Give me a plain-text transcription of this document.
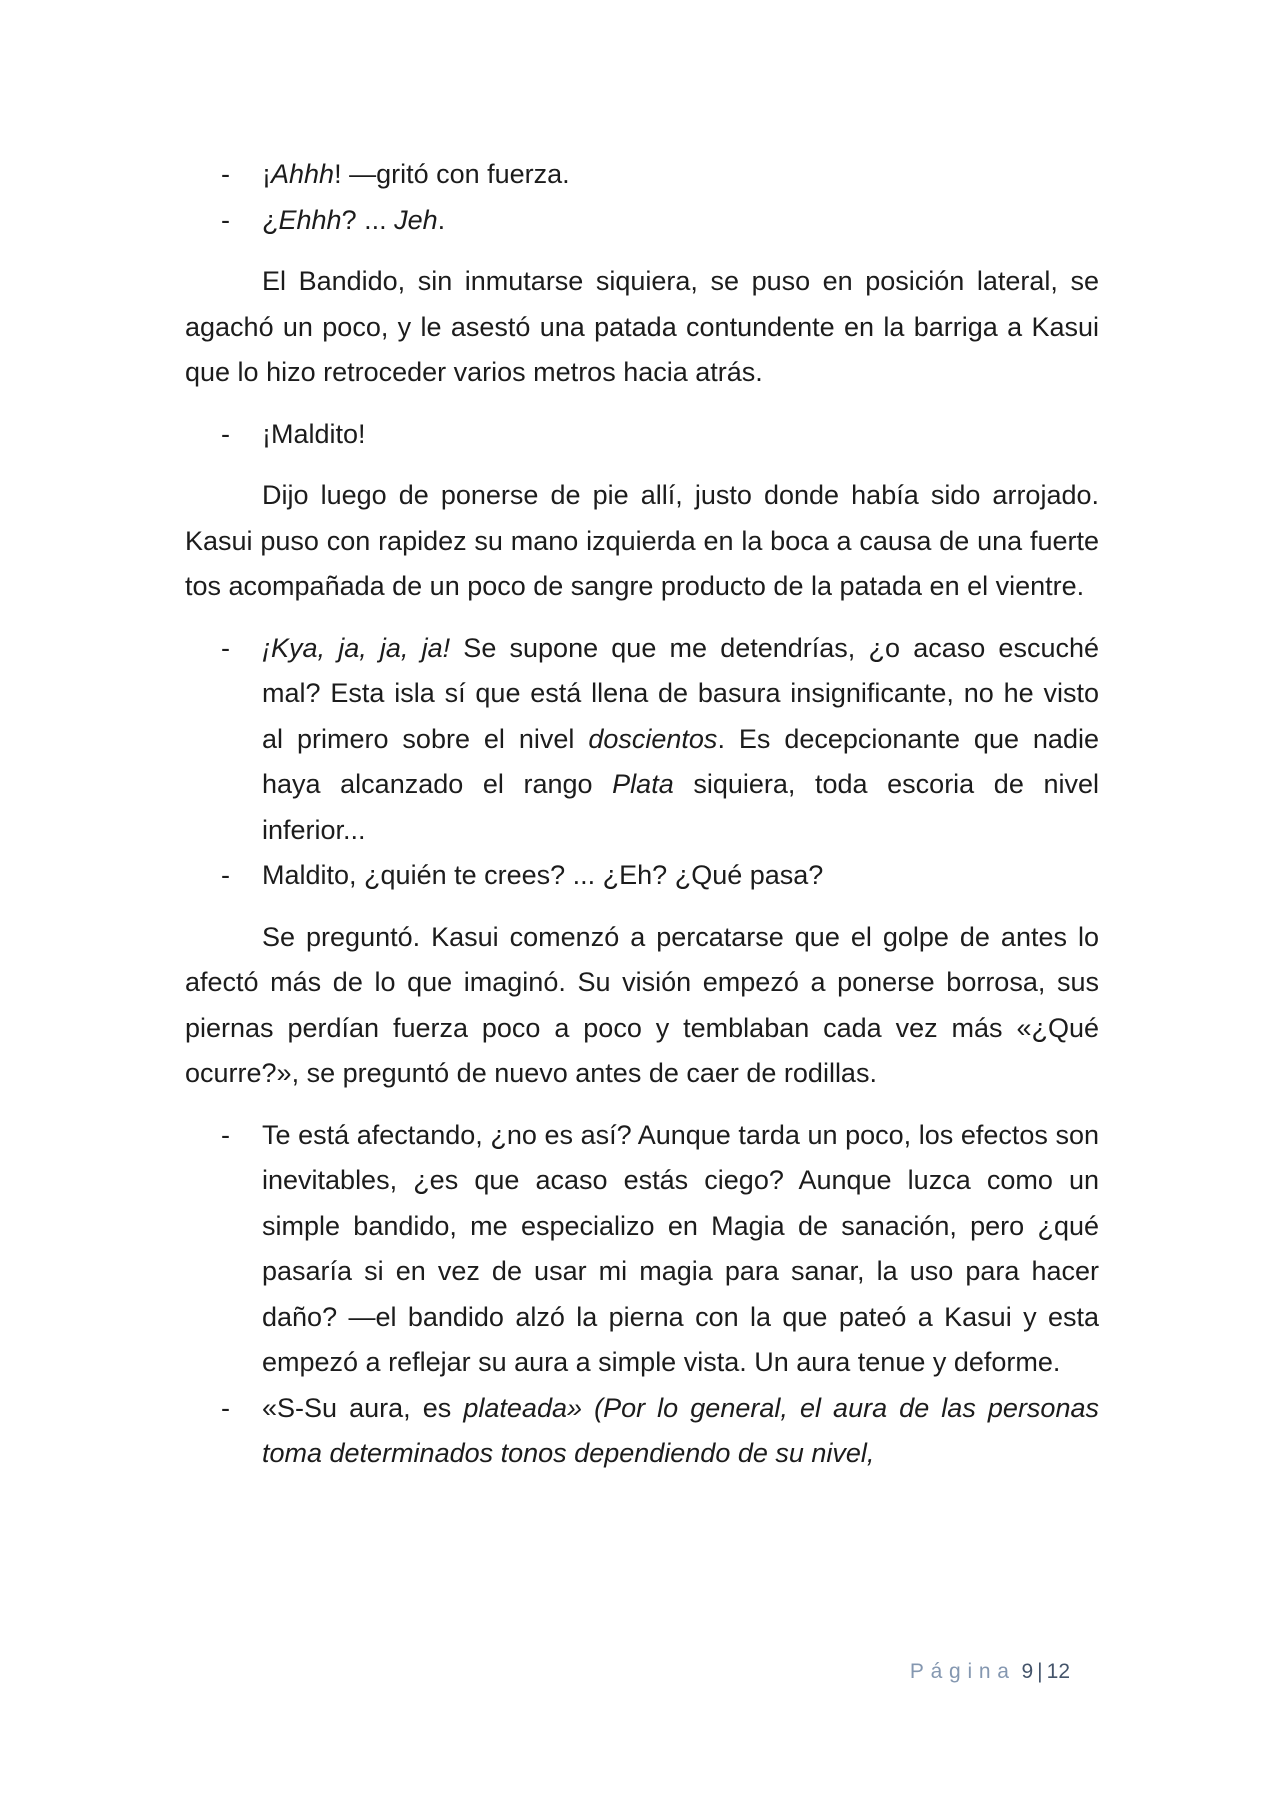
- ¡Ahhh! —gritó con fuerza.

- ¿Ehhh? ... Jeh.

El Bandido, sin inmutarse siquiera, se puso en posición lateral, se agachó un poco, y le asestó una patada contundente en la barriga a Kasui que lo hizo retroceder varios metros hacia atrás.

- ¡Maldito!

Dijo luego de ponerse de pie allí, justo donde había sido arrojado. Kasui puso con rapidez su mano izquierda en la boca a causa de una fuerte tos acompañada de un poco de sangre producto de la patada en el vientre.

- ¡Kya, ja, ja, ja! Se supone que me detendrías, ¿o acaso escuché mal? Esta isla sí que está llena de basura insignificante, no he visto al primero sobre el nivel doscientos. Es decepcionante que nadie haya alcanzado el rango Plata siquiera, toda escoria de nivel inferior...

- Maldito, ¿quién te crees? ... ¿Eh? ¿Qué pasa?

Se preguntó. Kasui comenzó a percatarse que el golpe de antes lo afectó más de lo que imaginó. Su visión empezó a ponerse borrosa, sus piernas perdían fuerza poco a poco y temblaban cada vez más «¿Qué ocurre?», se preguntó de nuevo antes de caer de rodillas.

- Te está afectando, ¿no es así? Aunque tarda un poco, los efectos son inevitables, ¿es que acaso estás ciego? Aunque luzca como un simple bandido, me especializo en Magia de sanación, pero ¿qué pasaría si en vez de usar mi magia para sanar, la uso para hacer daño? —el bandido alzó la pierna con la que pateó a Kasui y esta empezó a reflejar su aura a simple vista. Un aura tenue y deforme.

- «S-Su aura, es plateada» (Por lo general, el aura de las personas toma determinados tonos dependiendo de su nivel,

Página 9 | 12
